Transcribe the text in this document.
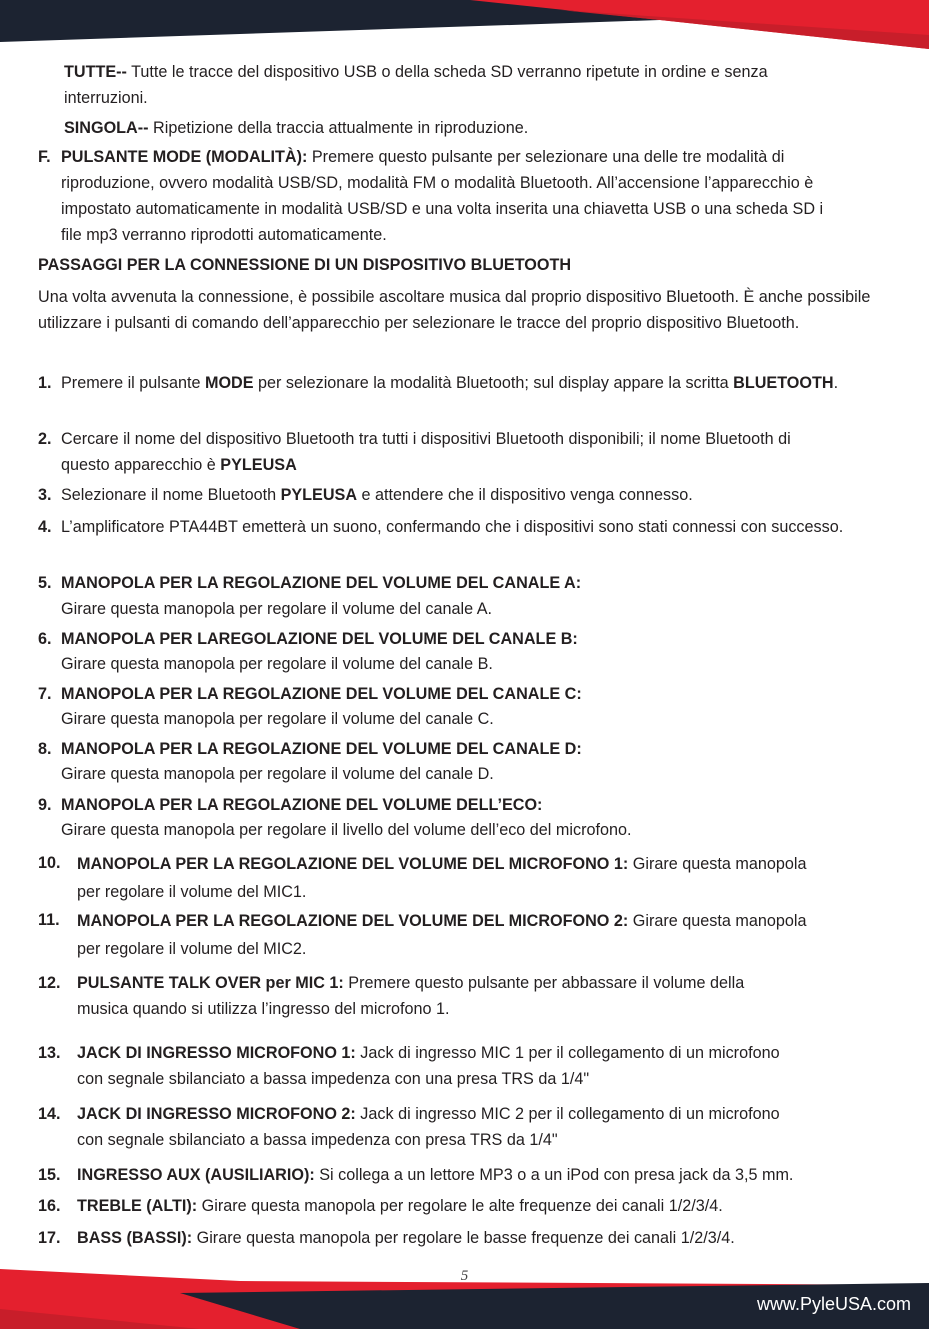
TUTTE-- Tutte le tracce del dispositivo USB o della scheda SD verranno ripetute in ordine e senza interruzioni.

SINGOLA-- Ripetizione della traccia attualmente in riproduzione.

F. PULSANTE MODE (MODALITÀ): Premere questo pulsante per selezionare una delle tre modalità di riproduzione, ovvero modalità USB/SD, modalità FM o modalità Bluetooth. All’accensione l’apparecchio è impostato automaticamente in modalità USB/SD e una volta inserita una chiavetta USB o una scheda SD i file mp3 verranno riprodotti automaticamente.

PASSAGGI PER LA CONNESSIONE DI UN DISPOSITIVO BLUETOOTH

Una volta avvenuta la connessione, è possibile ascoltare musica dal proprio dispositivo Bluetooth. È anche possibile utilizzare i pulsanti di comando dell’apparecchio per selezionare le tracce del proprio dispositivo Bluetooth.

1. Premere il pulsante MODE per selezionare la modalità Bluetooth; sul display appare la scritta BLUETOOTH.

2. Cercare il nome del dispositivo Bluetooth tra tutti i dispositivi Bluetooth disponibili; il nome Bluetooth di questo apparecchio è PYLEUSA

3. Selezionare il nome Bluetooth PYLEUSA e attendere che il dispositivo venga connesso.

4. L’amplificatore PTA44BT emetterà un suono, confermando che i dispositivi sono stati connessi con successo.

5. MANOPOLA PER LA REGOLAZIONE DEL VOLUME DEL CANALE A:

Girare questa manopola per regolare il volume del canale A.

6. MANOPOLA PER LAREGOLAZIONE DEL VOLUME DEL CANALE B:

Girare questa manopola per regolare il volume del canale B.

7. MANOPOLA PER LA REGOLAZIONE DEL VOLUME DEL CANALE C:

Girare questa manopola per regolare il volume del canale C.

8. MANOPOLA PER LA REGOLAZIONE DEL VOLUME DEL CANALE D:

Girare questa manopola per regolare il volume del canale D.

9. MANOPOLA PER LA REGOLAZIONE DEL VOLUME DELL’ECO:

Girare questa manopola per regolare il livello del volume dell’eco del microfono.

10. MANOPOLA PER LA REGOLAZIONE DEL VOLUME DEL MICROFONO 1: Girare questa manopola per regolare il volume del MIC1.

11. MANOPOLA PER LA REGOLAZIONE DEL VOLUME DEL MICROFONO 2: Girare questa manopola per regolare il volume del MIC2.

12. PULSANTE TALK OVER per MIC 1: Premere questo pulsante per abbassare il volume della musica quando si utilizza l’ingresso del microfono 1.

13. JACK DI INGRESSO MICROFONO 1: Jack di ingresso MIC 1 per il collegamento di un microfono con segnale sbilanciato a bassa impedenza con una presa TRS da 1/4"

14. JACK DI INGRESSO MICROFONO 2: Jack di ingresso MIC 2 per il collegamento di un microfono con segnale sbilanciato a bassa impedenza con presa TRS da 1/4"

15. INGRESSO AUX (AUSILIARIO): Si collega a un lettore MP3 o a un iPod con presa jack da 3,5 mm.

16. TREBLE (ALTI): Girare questa manopola per regolare le alte frequenze dei canali 1/2/3/4.

17. BASS (BASSI): Girare questa manopola per regolare le basse frequenze dei canali 1/2/3/4.

5
www.PyleUSA.com
